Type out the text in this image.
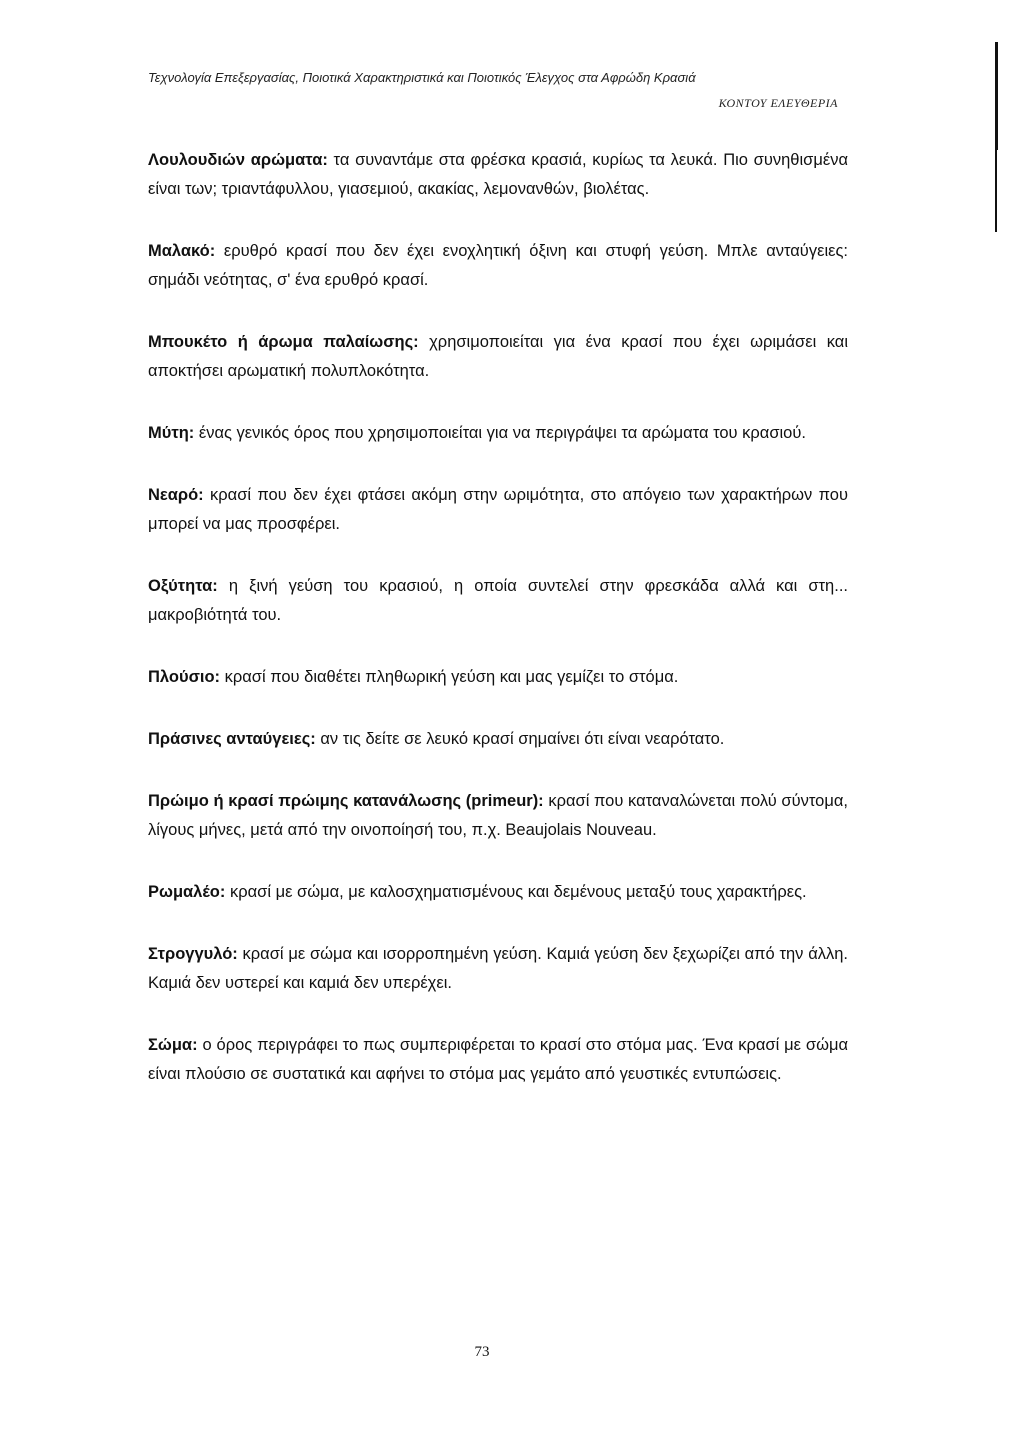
Τεχνολογία Επεξεργασίας, Ποιοτικά Χαρακτηριστικά και Ποιοτικός Έλεγχος στα Αφρώδη Κρασιά
ΚΟΝΤΟΥ ΕΛΕΥΘΕΡΙΑ

Λουλουδιών αρώματα: τα συναντάμε στα φρέσκα κρασιά, κυρίως τα λευκά. Πιο συνηθισμένα είναι των; τριαντάφυλλου, γιασεμιού, ακακίας, λεμονανθών, βιολέτας.

Μαλακό: ερυθρό κρασί που δεν έχει ενοχλητική όξινη και στυφή γεύση. Μπλε ανταύγειες: σημάδι νεότητας, σ' ένα ερυθρό κρασί.

Μπουκέτο ή άρωμα παλαίωσης: χρησιμοποιείται για ένα κρασί που έχει ωριμάσει και αποκτήσει αρωματική πολυπλοκότητα.

Μύτη: ένας γενικός όρος που χρησιμοποιείται για να περιγράψει τα αρώματα του κρασιού.

Νεαρό: κρασί που δεν έχει φτάσει ακόμη στην ωριμότητα, στο απόγειο των χαρακτήρων που μπορεί να μας προσφέρει.

Οξύτητα: η ξινή γεύση του κρασιού, η οποία συντελεί στην φρεσκάδα αλλά και στη... μακροβιότητά του.

Πλούσιο: κρασί που διαθέτει πληθωρική γεύση και μας γεμίζει το στόμα.

Πράσινες ανταύγειες: αν τις δείτε σε λευκό κρασί σημαίνει ότι είναι νεαρότατο.

Πρώιμο ή κρασί πρώιμης κατανάλωσης (primeur): κρασί που καταναλώνεται πολύ σύντομα, λίγους μήνες, μετά από την οινοποίησή του, π.χ. Beaujolais Nouveau.

Ρωμαλέο: κρασί με σώμα, με καλοσχηματισμένους και δεμένους μεταξύ τους χαρακτήρες.

Στρογγυλό: κρασί με σώμα και ισορροπημένη γεύση. Καμιά γεύση δεν ξεχωρίζει από την άλλη. Καμιά δεν υστερεί και καμιά δεν υπερέχει.

Σώμα: ο όρος περιγράφει το πως συμπεριφέρεται το κρασί στο στόμα μας. Ένα κρασί με σώμα είναι πλούσιο σε συστατικά και αφήνει το στόμα μας γεμάτο από γευστικές εντυπώσεις.

73
